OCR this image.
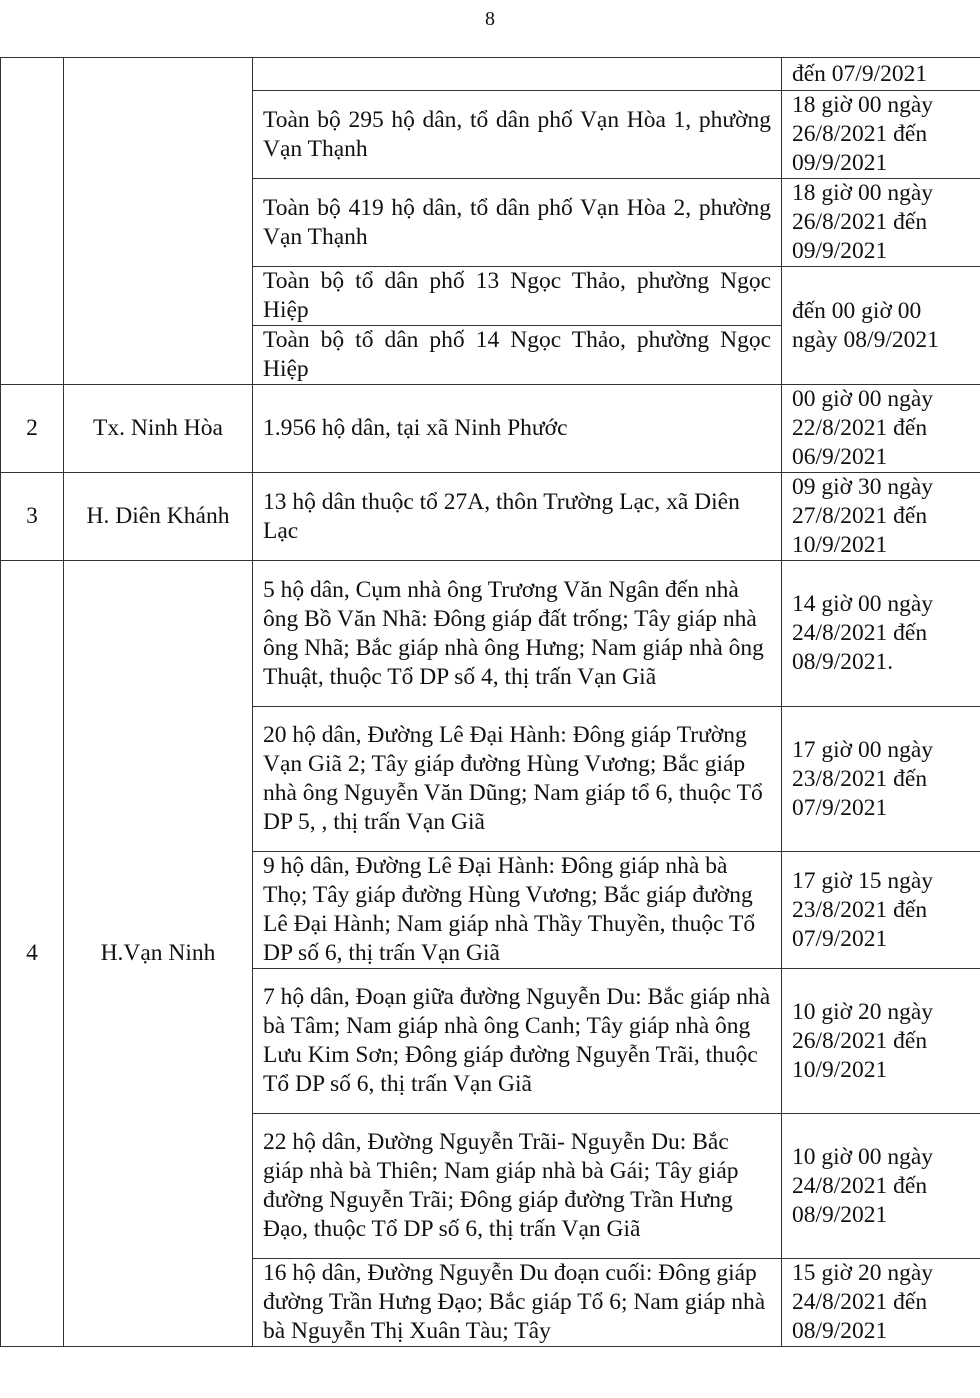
8
			đến 07/9/2021
		Toàn bộ 295 hộ dân, tổ dân phố Vạn Hòa 1, phường Vạn Thạnh	18 giờ 00 ngày 26/8/2021 đến 09/9/2021
		Toàn bộ 419 hộ dân, tổ dân phố Vạn Hòa 2, phường Vạn Thạnh	18 giờ 00 ngày 26/8/2021 đến 09/9/2021
		Toàn bộ tổ dân phố 13 Ngọc Thảo, phường Ngọc Hiệp	đến 00 giờ 00 ngày 08/9/2021
		Toàn bộ tổ dân phố 14 Ngọc Thảo, phường Ngọc Hiệp	

2	Tx. Ninh Hòa	1.956 hộ dân, tại xã Ninh Phước	00 giờ 00 ngày 22/8/2021 đến 06/9/2021
3	H. Diên Khánh	13 hộ dân thuộc tổ 27A, thôn Trường Lạc, xã Diên Lạc	09 giờ 30 ngày 27/8/2021 đến 10/9/2021
4	H.Vạn Ninh	5 hộ dân, Cụm nhà ông Trương Văn Ngân đến nhà ông Bồ Văn Nhã: Đông giáp đất trống; Tây giáp nhà ông Nhã; Bắc giáp nhà ông Hưng; Nam giáp nhà ông Thuật, thuộc Tổ DP số 4, thị trấn Vạn Giã	14 giờ 00 ngày 24/8/2021 đến 08/9/2021.
		20 hộ dân, Đường Lê Đại Hành: Đông giáp Trường Vạn Giã 2; Tây giáp đường Hùng Vương; Bắc giáp nhà ông Nguyễn Văn Dũng; Nam giáp tổ 6, thuộc Tổ DP 5, , thị trấn Vạn Giã	17 giờ 00 ngày 23/8/2021 đến 07/9/2021
		9 hộ dân, Đường Lê Đại Hành: Đông giáp nhà bà Thọ; Tây giáp đường Hùng Vương; Bắc giáp đường Lê Đại Hành; Nam giáp nhà Thầy Thuyền, thuộc Tổ DP số 6, thị trấn Vạn Giã	17 giờ 15 ngày 23/8/2021 đến 07/9/2021
		7 hộ dân, Đoạn giữa đường Nguyễn Du: Bắc giáp nhà bà Tâm; Nam giáp nhà ông Canh; Tây giáp nhà ông Lưu Kim Sơn; Đông giáp đường Nguyễn Trãi, thuộc Tổ DP số 6, thị trấn Vạn Giã	10 giờ 20 ngày 26/8/2021 đến 10/9/2021
		22 hộ dân, Đường Nguyễn Trãi- Nguyễn Du: Bắc giáp nhà bà Thiên; Nam giáp nhà bà Gái; Tây giáp đường Nguyễn Trãi; Đông giáp đường Trần Hưng Đạo, thuộc Tổ DP số 6, thị trấn Vạn Giã	10 giờ 00 ngày 24/8/2021 đến 08/9/2021
		16 hộ dân, Đường Nguyễn Du đoạn cuối: Đông giáp đường Trần Hưng Đạo; Bắc giáp Tổ 6; Nam giáp nhà bà Nguyễn Thị Xuân Tàu; Tây	15 giờ 20 ngày 24/8/2021 đến 08/9/2021
